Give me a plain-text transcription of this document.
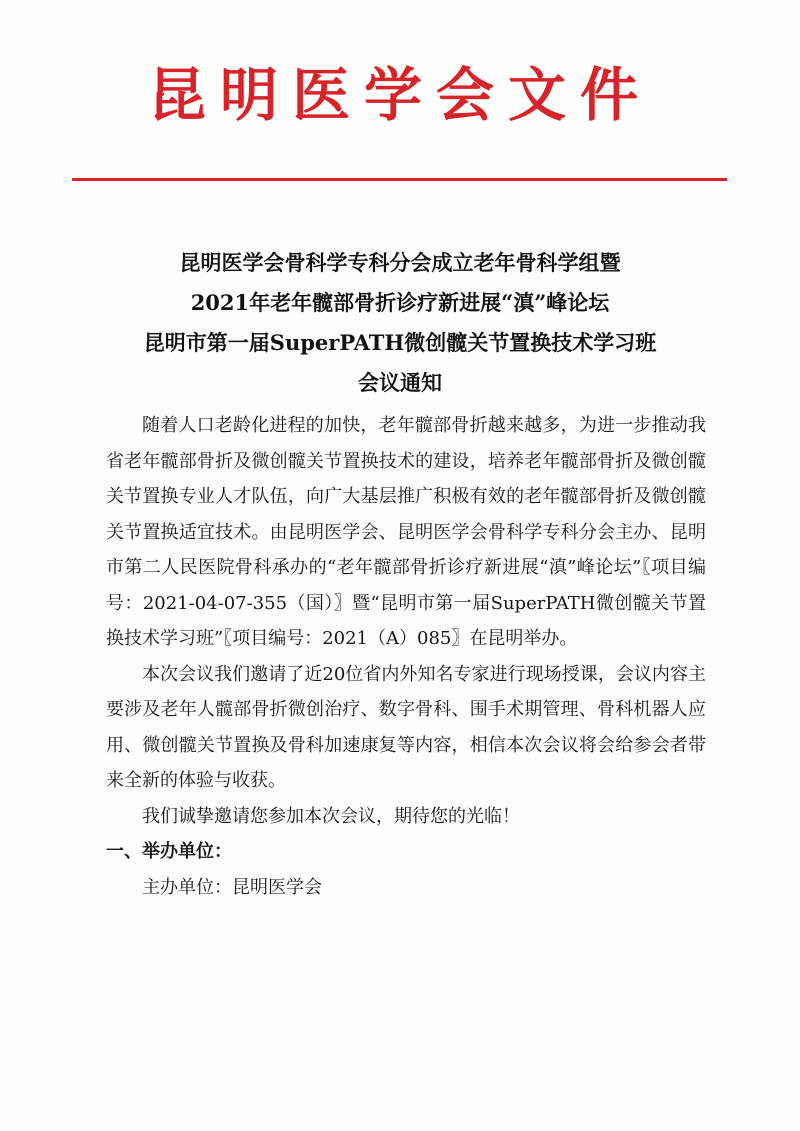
昆明医学会文件
昆明医学会骨科学专科分会成立老年骨科学组暨
2021年老年髋部骨折诊疗新进展“滇”峰论坛
昆明市第一届SuperPATH微创髋关节置换技术学习班
会议通知

随着人口老龄化进程的加快，老年髋部骨折越来越多，为进一步推动我省老年髋部骨折及微创髋关节置换技术的建设，培养老年髋部骨折及微创髋关节置换专业人才队伍，向广大基层推广积极有效的老年髋部骨折及微创髋关节置换适宜技术。由昆明医学会、昆明医学会骨科学专科分会主办、昆明市第二人民医院骨科承办的“老年髋部骨折诊疗新进展“滇”峰论坛”〖项目编号：2021-04-07-355（国）〗暨“昆明市第一届SuperPATH微创髋关节置换技术学习班”〖项目编号：2021（A）085〗在昆明举办。

本次会议我们邀请了近20位省内外知名专家进行现场授课，会议内容主要涉及老年人髋部骨折微创治疗、数字骨科、围手术期管理、骨科机器人应用、微创髋关节置换及骨科加速康复等内容，相信本次会议将会给参会者带来全新的体验与收获。

我们诚挚邀请您参加本次会议，期待您的光临！

一、举办单位：

主办单位：昆明医学会
